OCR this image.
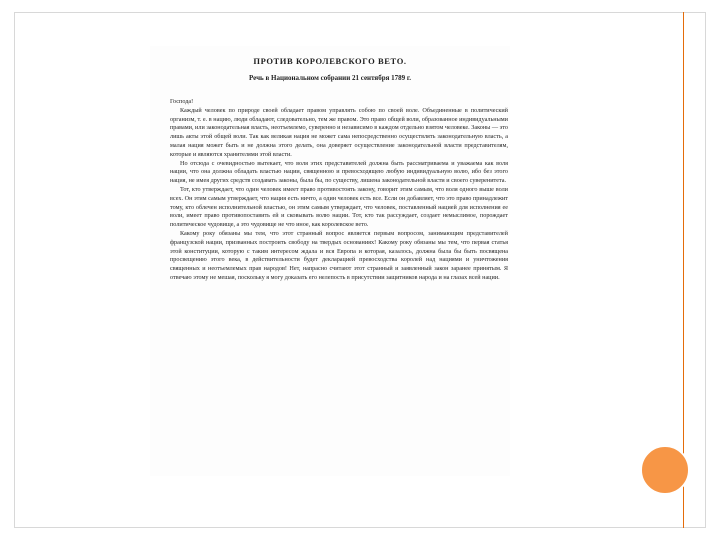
ПРОТИВ КОРОЛЕВСКОГО ВЕТО.
Речь в Национальном собрании 21 сентября 1789 г.

Господа!

Каждый человек по природе своей обладает правом управлять собою по своей воле. Объединенные в политический организм, т. е. в нацию, люди обладают, следовательно, тем же правом. Это право общей воли, образованное индивидуальными правами, или законодательная власть, неотъемлемо, суверенно и независимо в каждом отдельно взятом человеке. Законы — это лишь акты этой общей воли. Так как великая нация не может сама непосредственно осуществлять законодательную власть, а малая нация может быть и не должна этого делать, она доверяет осуществление законодательной власти представителям, которые и являются хранителями этой власти.

Но отсюда с очевидностью вытекает, что воля этих представителей должна быть рассматриваема и уважаема как воля нации, что она должна обладать властью нации, священною и превосходящею любую индивидуальную волю, ибо без этого нация, не имея других средств создавать законы, была бы, по существу, лишена законодательной власти и своего суверенитета.

Тот, кто утверждает, что один человек имеет право противостоять закону, говорит этим самым, что воля одного выше воли всех. Он этим самым утверждает, что нация есть ничто, а один человек есть все. Если он добавляет, что это право принадлежит тому, кто облечен исполнительной властью, он этим самым утверждает, что человек, поставленный нацией для исполнения ее воли, имеет право противопоставить ей и сковывать волю нации. Тот, кто так рассуждает, создает немыслимое, порождает политическое чудовище, а это чудовище не что иное, как королевское вето.

Какому року обязаны мы тем, что этот странный вопрос является первым вопросом, занимающим представителей французской нации, призванных построить свободу на твердых основаниях! Какому року обязаны мы тем, что первая статья этой конституции, которую с таким интересом ждала и вся Европа и которая, казалось, должна была бы быть посвящена просвещению этого века, в действительности будет декларацией превосходства королей над нациями и уничтожения священных и неотъемлемых прав народов! Нет, напрасно считают этот странный и заявленный закон заранее принятым. Я отвечаю этому не мешая, поскольку я могу доказать его нелепость в присутствии защитников народа и на глазах всей нации.
